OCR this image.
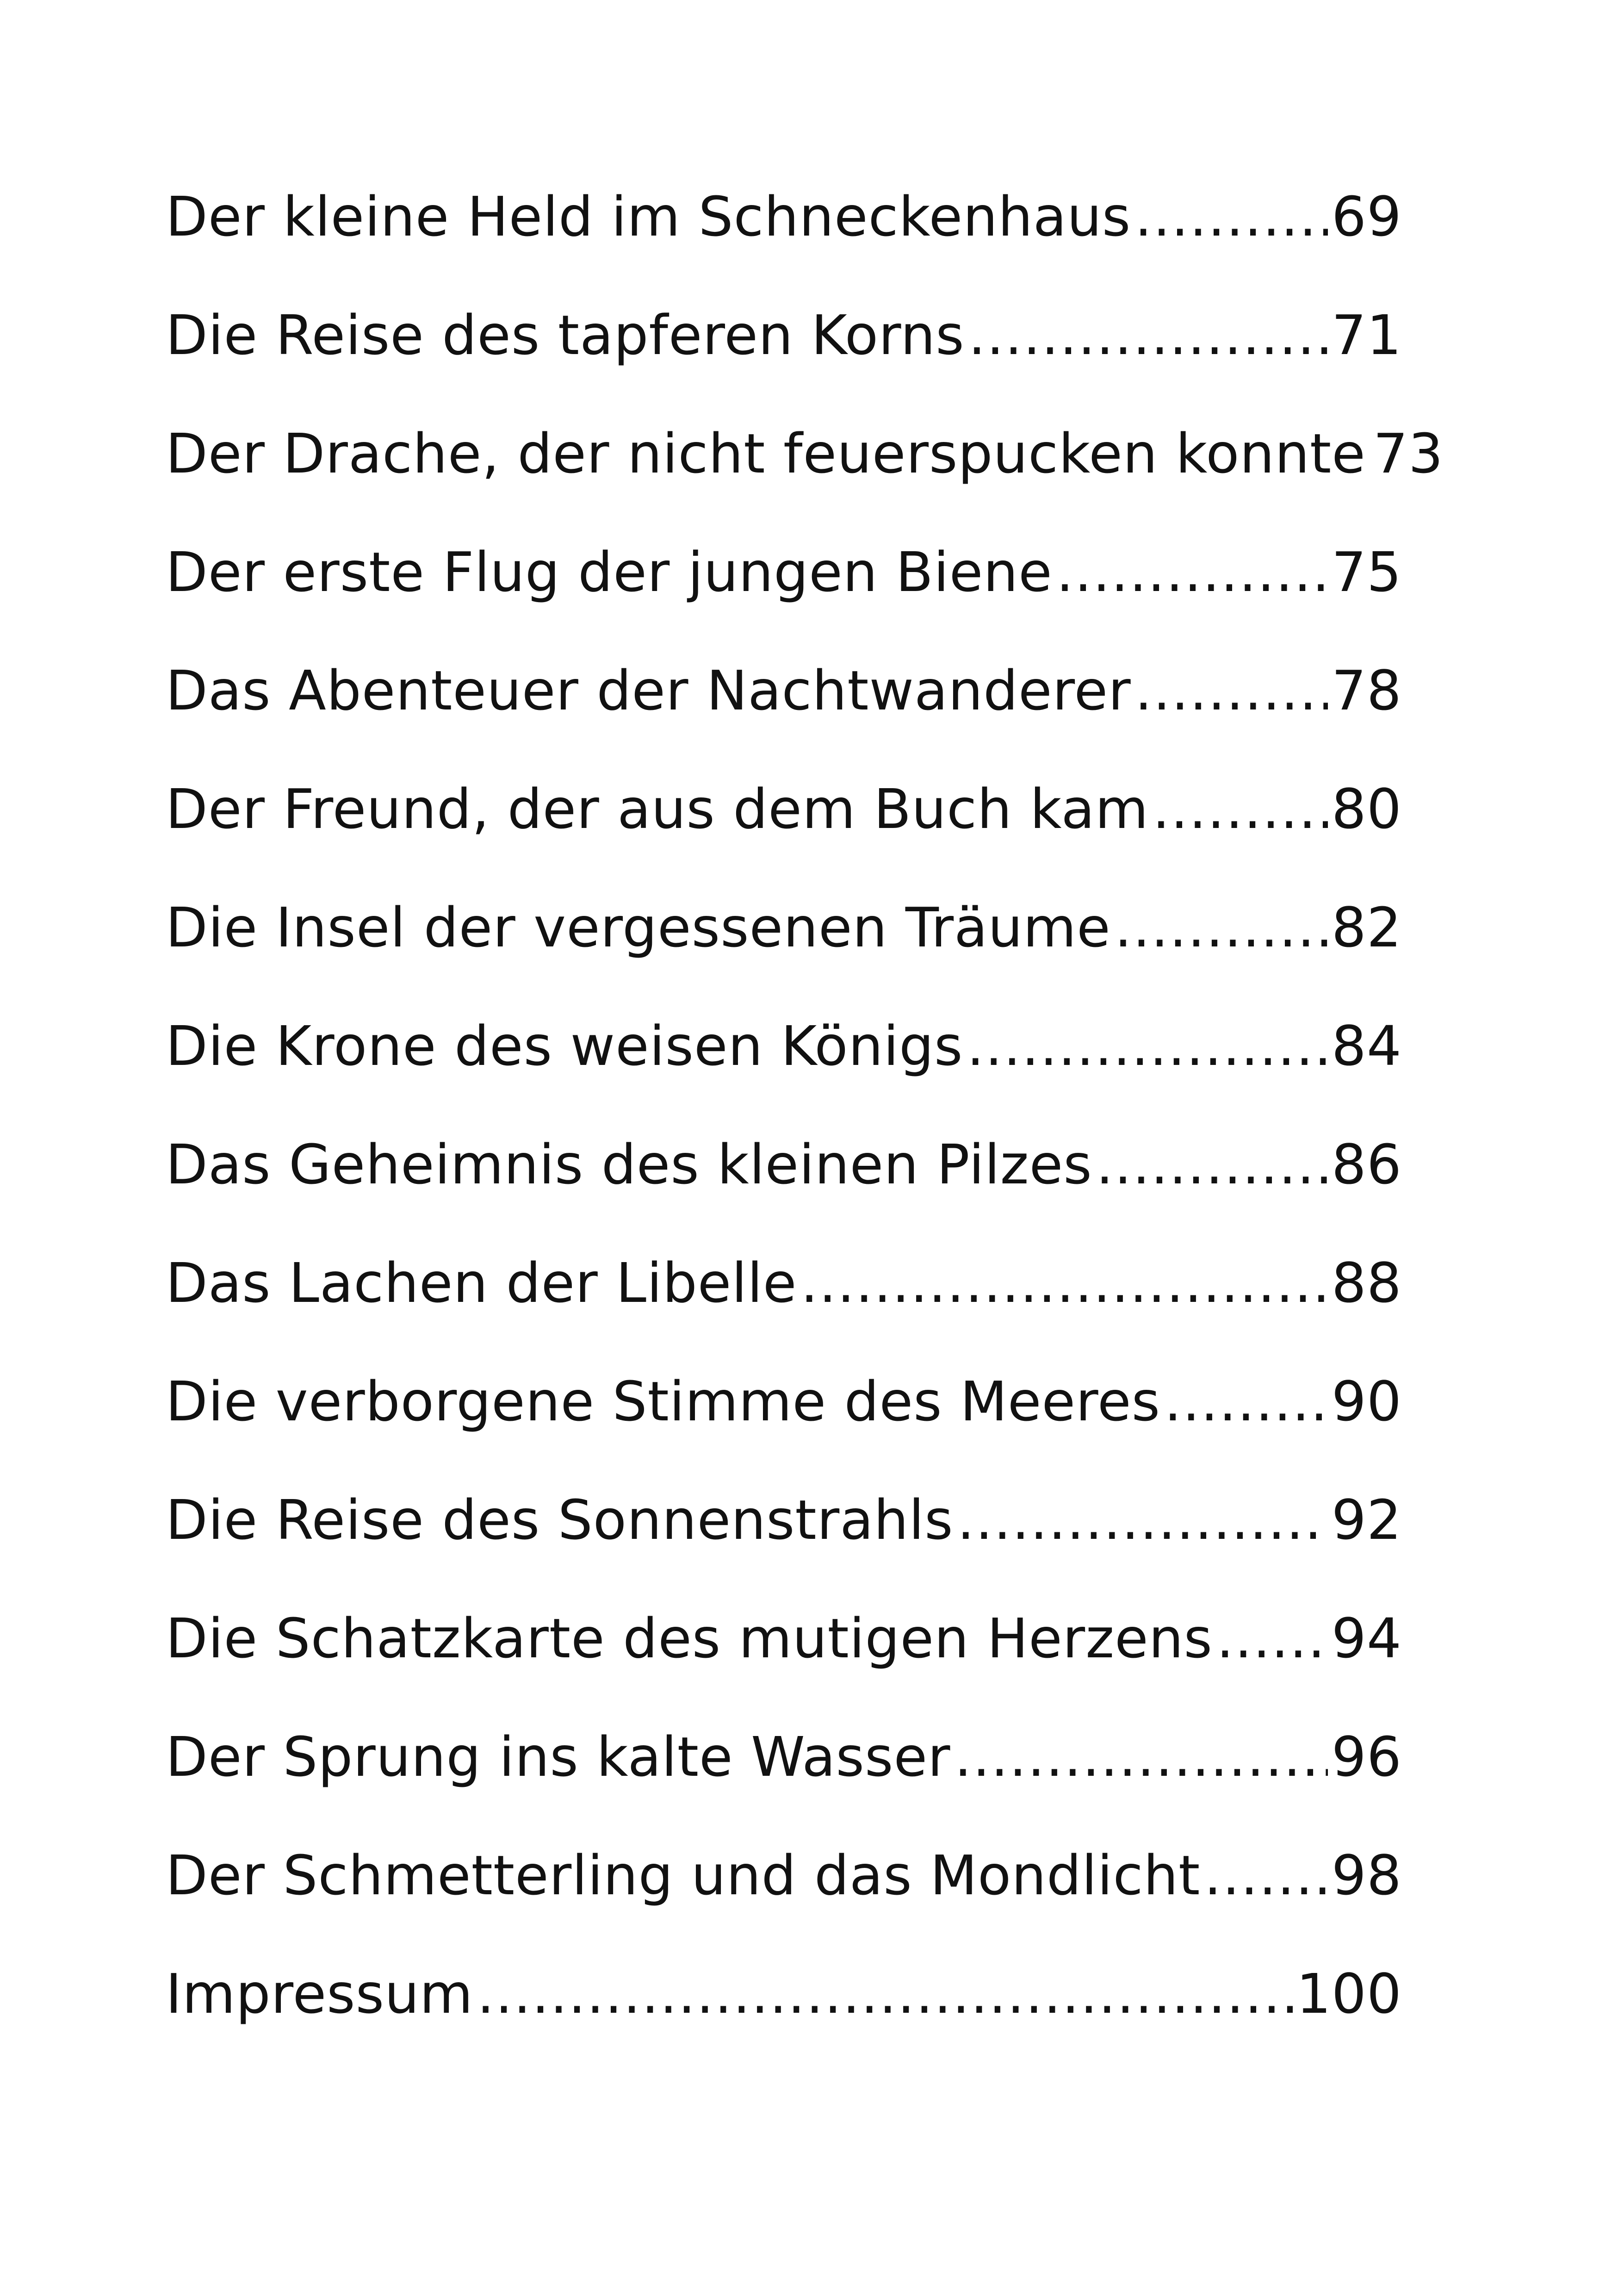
Der kleine Held im Schneckenhaus .....	69
Die Reise des tapferen Korns .....	71
Der Drache, der nicht feuerspucken konnte 73
Der erste Flug der jungen Biene .....	75
Das Abenteuer der Nachtwanderer .....	78
Der Freund, der aus dem Buch kam .....	80
Die Insel der vergessenen Träume .....	82
Die Krone des weisen Königs .....	84
Das Geheimnis des kleinen Pilzes .....	86
Das Lachen der Libelle .....	88
Die verborgene Stimme des Meeres .....	90
Die Reise des Sonnenstrahls .....	92
Die Schatzkarte des mutigen Herzens ..... 94
Der Sprung ins kalte Wasser .....	96
Der Schmetterling und das Mondlicht ..... 98
Impressum .....	100
